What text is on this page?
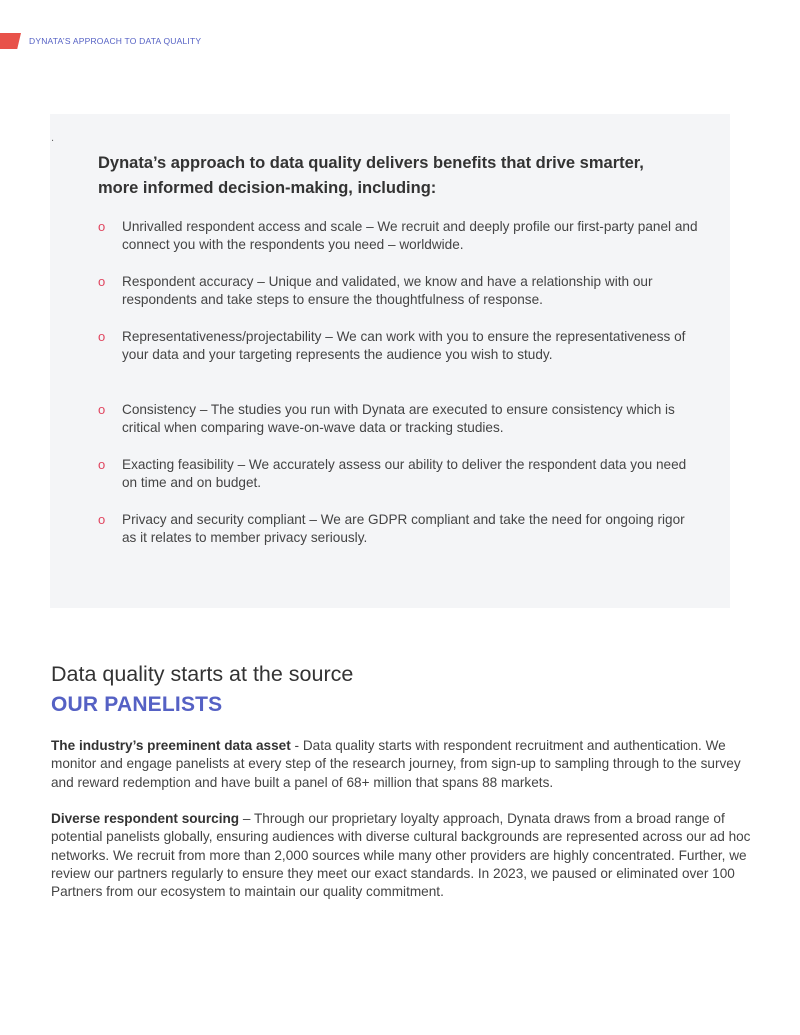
DYNATA’S APPROACH TO DATA QUALITY
.
Dynata’s approach to data quality delivers benefits that drive smarter, more informed decision-making, including:
o Unrivalled respondent access and scale – We recruit and deeply profile our first-party panel and connect you with the respondents you need – worldwide.
o Respondent accuracy – Unique and validated, we know and have a relationship with our respondents and take steps to ensure the thoughtfulness of response.
o Representativeness/projectability – We can work with you to ensure the representativeness of your data and your targeting represents the audience you wish to study.
o Consistency – The studies you run with Dynata are executed to ensure consistency which is critical when comparing wave-on-wave data or tracking studies.
o Exacting feasibility – We accurately assess our ability to deliver the respondent data you need on time and on budget.
o Privacy and security compliant – We are GDPR compliant and take the need for ongoing rigor as it relates to member privacy seriously.
Data quality starts at the source
OUR PANELISTS
The industry’s preeminent data asset - Data quality starts with respondent recruitment and authentication. We monitor and engage panelists at every step of the research journey, from sign-up to sampling through to the survey and reward redemption and have built a panel of 68+ million that spans 88 markets.
Diverse respondent sourcing – Through our proprietary loyalty approach, Dynata draws from a broad range of potential panelists globally, ensuring audiences with diverse cultural backgrounds are represented across our ad hoc networks. We recruit from more than 2,000 sources while many other providers are highly concentrated. Further, we review our partners regularly to ensure they meet our exact standards. In 2023, we paused or eliminated over 100 Partners from our ecosystem to maintain our quality commitment.
